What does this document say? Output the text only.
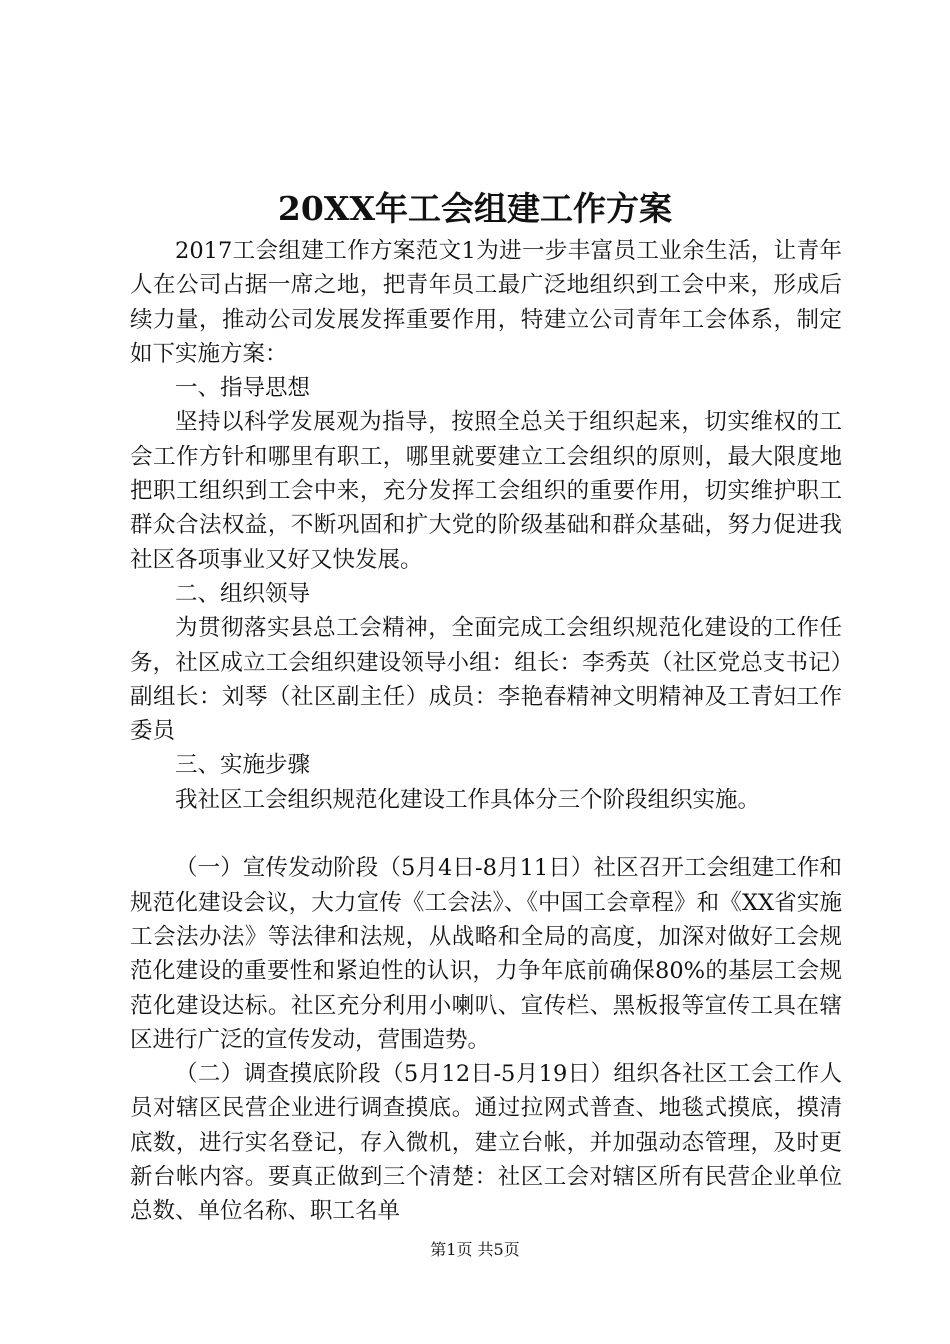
20XX年工会组建工作方案

2017工会组建工作方案范文1为进一步丰富员工业余生活，让青年人在公司占据一席之地，把青年员工最广泛地组织到工会中来，形成后续力量，推动公司发展发挥重要作用，特建立公司青年工会体系，制定如下实施方案：

一、指导思想

坚持以科学发展观为指导，按照全总关于组织起来，切实维权的工会工作方针和哪里有职工，哪里就要建立工会组织的原则，最大限度地把职工组织到工会中来，充分发挥工会组织的重要作用，切实维护职工群众合法权益，不断巩固和扩大党的阶级基础和群众基础，努力促进我社区各项事业又好又快发展。

二、组织领导

为贯彻落实县总工会精神，全面完成工会组织规范化建设的工作任务，社区成立工会组织建设领导小组：组长：李秀英（社区党总支书记）副组长：刘琴（社区副主任）成员：李艳春精神文明精神及工青妇工作委员

三、实施步骤

我社区工会组织规范化建设工作具体分三个阶段组织实施。

（一）宣传发动阶段（5月4日-8月11日）社区召开工会组建工作和规范化建设会议，大力宣传《工会法》、《中国工会章程》和《XX省实施工会法办法》等法律和法规，从战略和全局的高度，加深对做好工会规范化建设的重要性和紧迫性的认识，力争年底前确保80%的基层工会规范化建设达标。社区充分利用小喇叭、宣传栏、黑板报等宣传工具在辖区进行广泛的宣传发动，营围造势。

（二）调查摸底阶段（5月12日-5月19日）组织各社区工会工作人员对辖区民营企业进行调查摸底。通过拉网式普查、地毯式摸底，摸清底数，进行实名登记，存入微机，建立台帐，并加强动态管理，及时更新台帐内容。要真正做到三个清楚：社区工会对辖区所有民营企业单位总数、单位名称、职工名单

第1页 共5页
